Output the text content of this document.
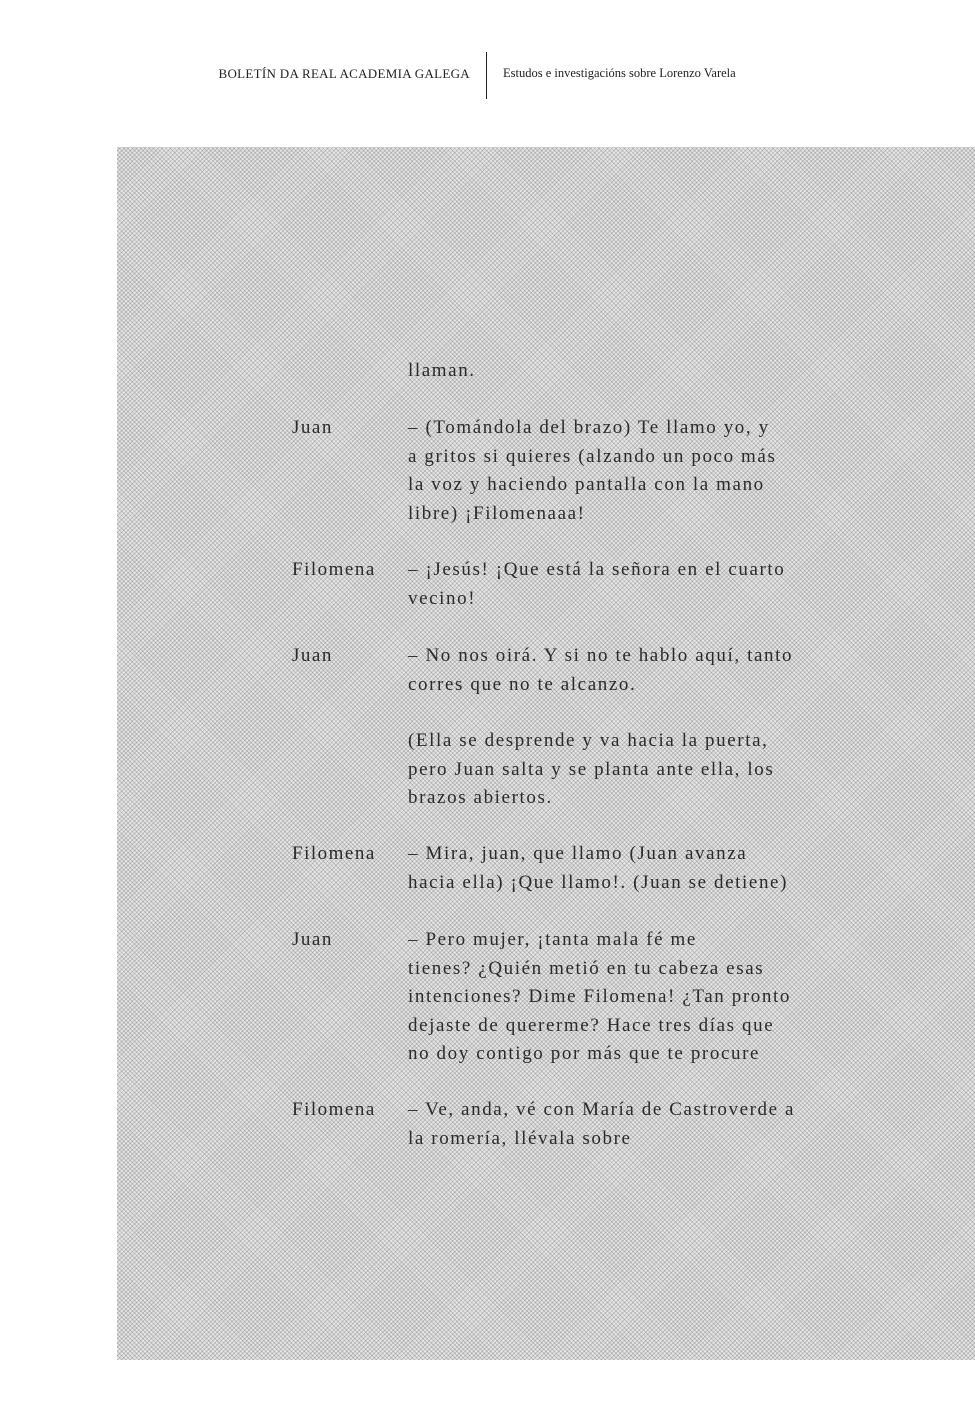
BOLETÍN DA REAL ACADEMIA GALEGA	Estudos e investigacións sobre Lorenzo Varela
llaman.
Juan	– (Tomándola del brazo) Te llamo yo, y
a gritos si quieres (alzando un poco más
la voz y haciendo pantalla con la mano
libre) ¡Filomenaaa!
Filomena – ¡Jesús! ¡Que está la señora en el cuarto
vecino!
Juan	– No nos oirá. Y si no te hablo aquí, tanto
corres que no te alcanzo.
(Ella se desprende y va hacia la puerta,
pero Juan salta y se planta ante ella, los
brazos abiertos.
Filomena – Mira, juan, que llamo (Juan avanza
hacia ella) ¡Que llamo!. (Juan se detiene)
Juan	– Pero mujer, ¡tanta mala fé me
tienes? ¿Quién metió en tu cabeza esas
intenciones? Dime Filomena! ¿Tan pronto
dejaste de quererme? Hace tres días que
no doy contigo por más que te procure
Filomena – Ve, anda, vé con María de Castroverde a
la romería, llévala sobre
